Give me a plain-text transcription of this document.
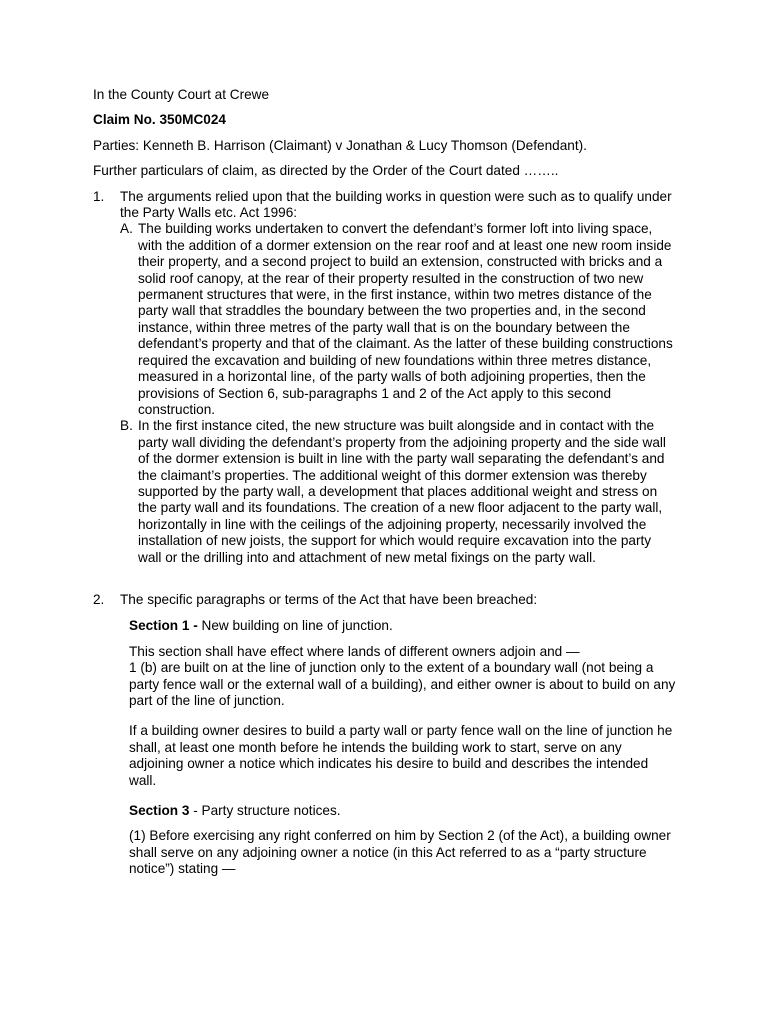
In the County Court at Crewe

Claim No. 350MC024

Parties: Kenneth B. Harrison (Claimant) v Jonathan & Lucy Thomson (Defendant).

Further particulars of claim, as directed by the Order of the Court dated ……..

1. The arguments relied upon that the building works in question were such as to qualify under the Party Walls etc. Act 1996:

A. The building works undertaken to convert the defendant’s former loft into living space, with the addition of a dormer extension on the rear roof and at least one new room inside their property, and a second project to build an extension, constructed with bricks and a solid roof canopy, at the rear of their property resulted in the construction of two new permanent structures that were, in the first instance, within two metres distance of the party wall that straddles the boundary between the two properties and, in the second instance, within three metres of the party wall that is on the boundary between the defendant’s property and that of the claimant. As the latter of these building constructions required the excavation and building of new foundations within three metres distance, measured in a horizontal line, of the party walls of both adjoining properties, then the provisions of Section 6, sub-paragraphs 1 and 2 of the Act apply to this second construction.

B. In the first instance cited, the new structure was built alongside and in contact with the party wall dividing the defendant’s property from the adjoining property and the side wall of the dormer extension is built in line with the party wall separating the defendant’s and the claimant’s properties. The additional weight of this dormer extension was thereby supported by the party wall, a development that places additional weight and stress on the party wall and its foundations. The creation of a new floor adjacent to the party wall, horizontally in line with the ceilings of the adjoining property, necessarily involved the installation of new joists, the support for which would require excavation into the party wall or the drilling into and attachment of new metal fixings on the party wall.

2. The specific paragraphs or terms of the Act that have been breached:

Section 1 - New building on line of junction.

This section shall have effect where lands of different owners adjoin and —

1 (b) are built on at the line of junction only to the extent of a boundary wall (not being a party fence wall or the external wall of a building), and either owner is about to build on any part of the line of junction.

If a building owner desires to build a party wall or party fence wall on the line of junction he shall, at least one month before he intends the building work to start, serve on any adjoining owner a notice which indicates his desire to build and describes the intended wall.

Section 3 - Party structure notices.

(1) Before exercising any right conferred on him by Section 2 (of the Act), a building owner shall serve on any adjoining owner a notice (in this Act referred to as a “party structure notice”) stating —
